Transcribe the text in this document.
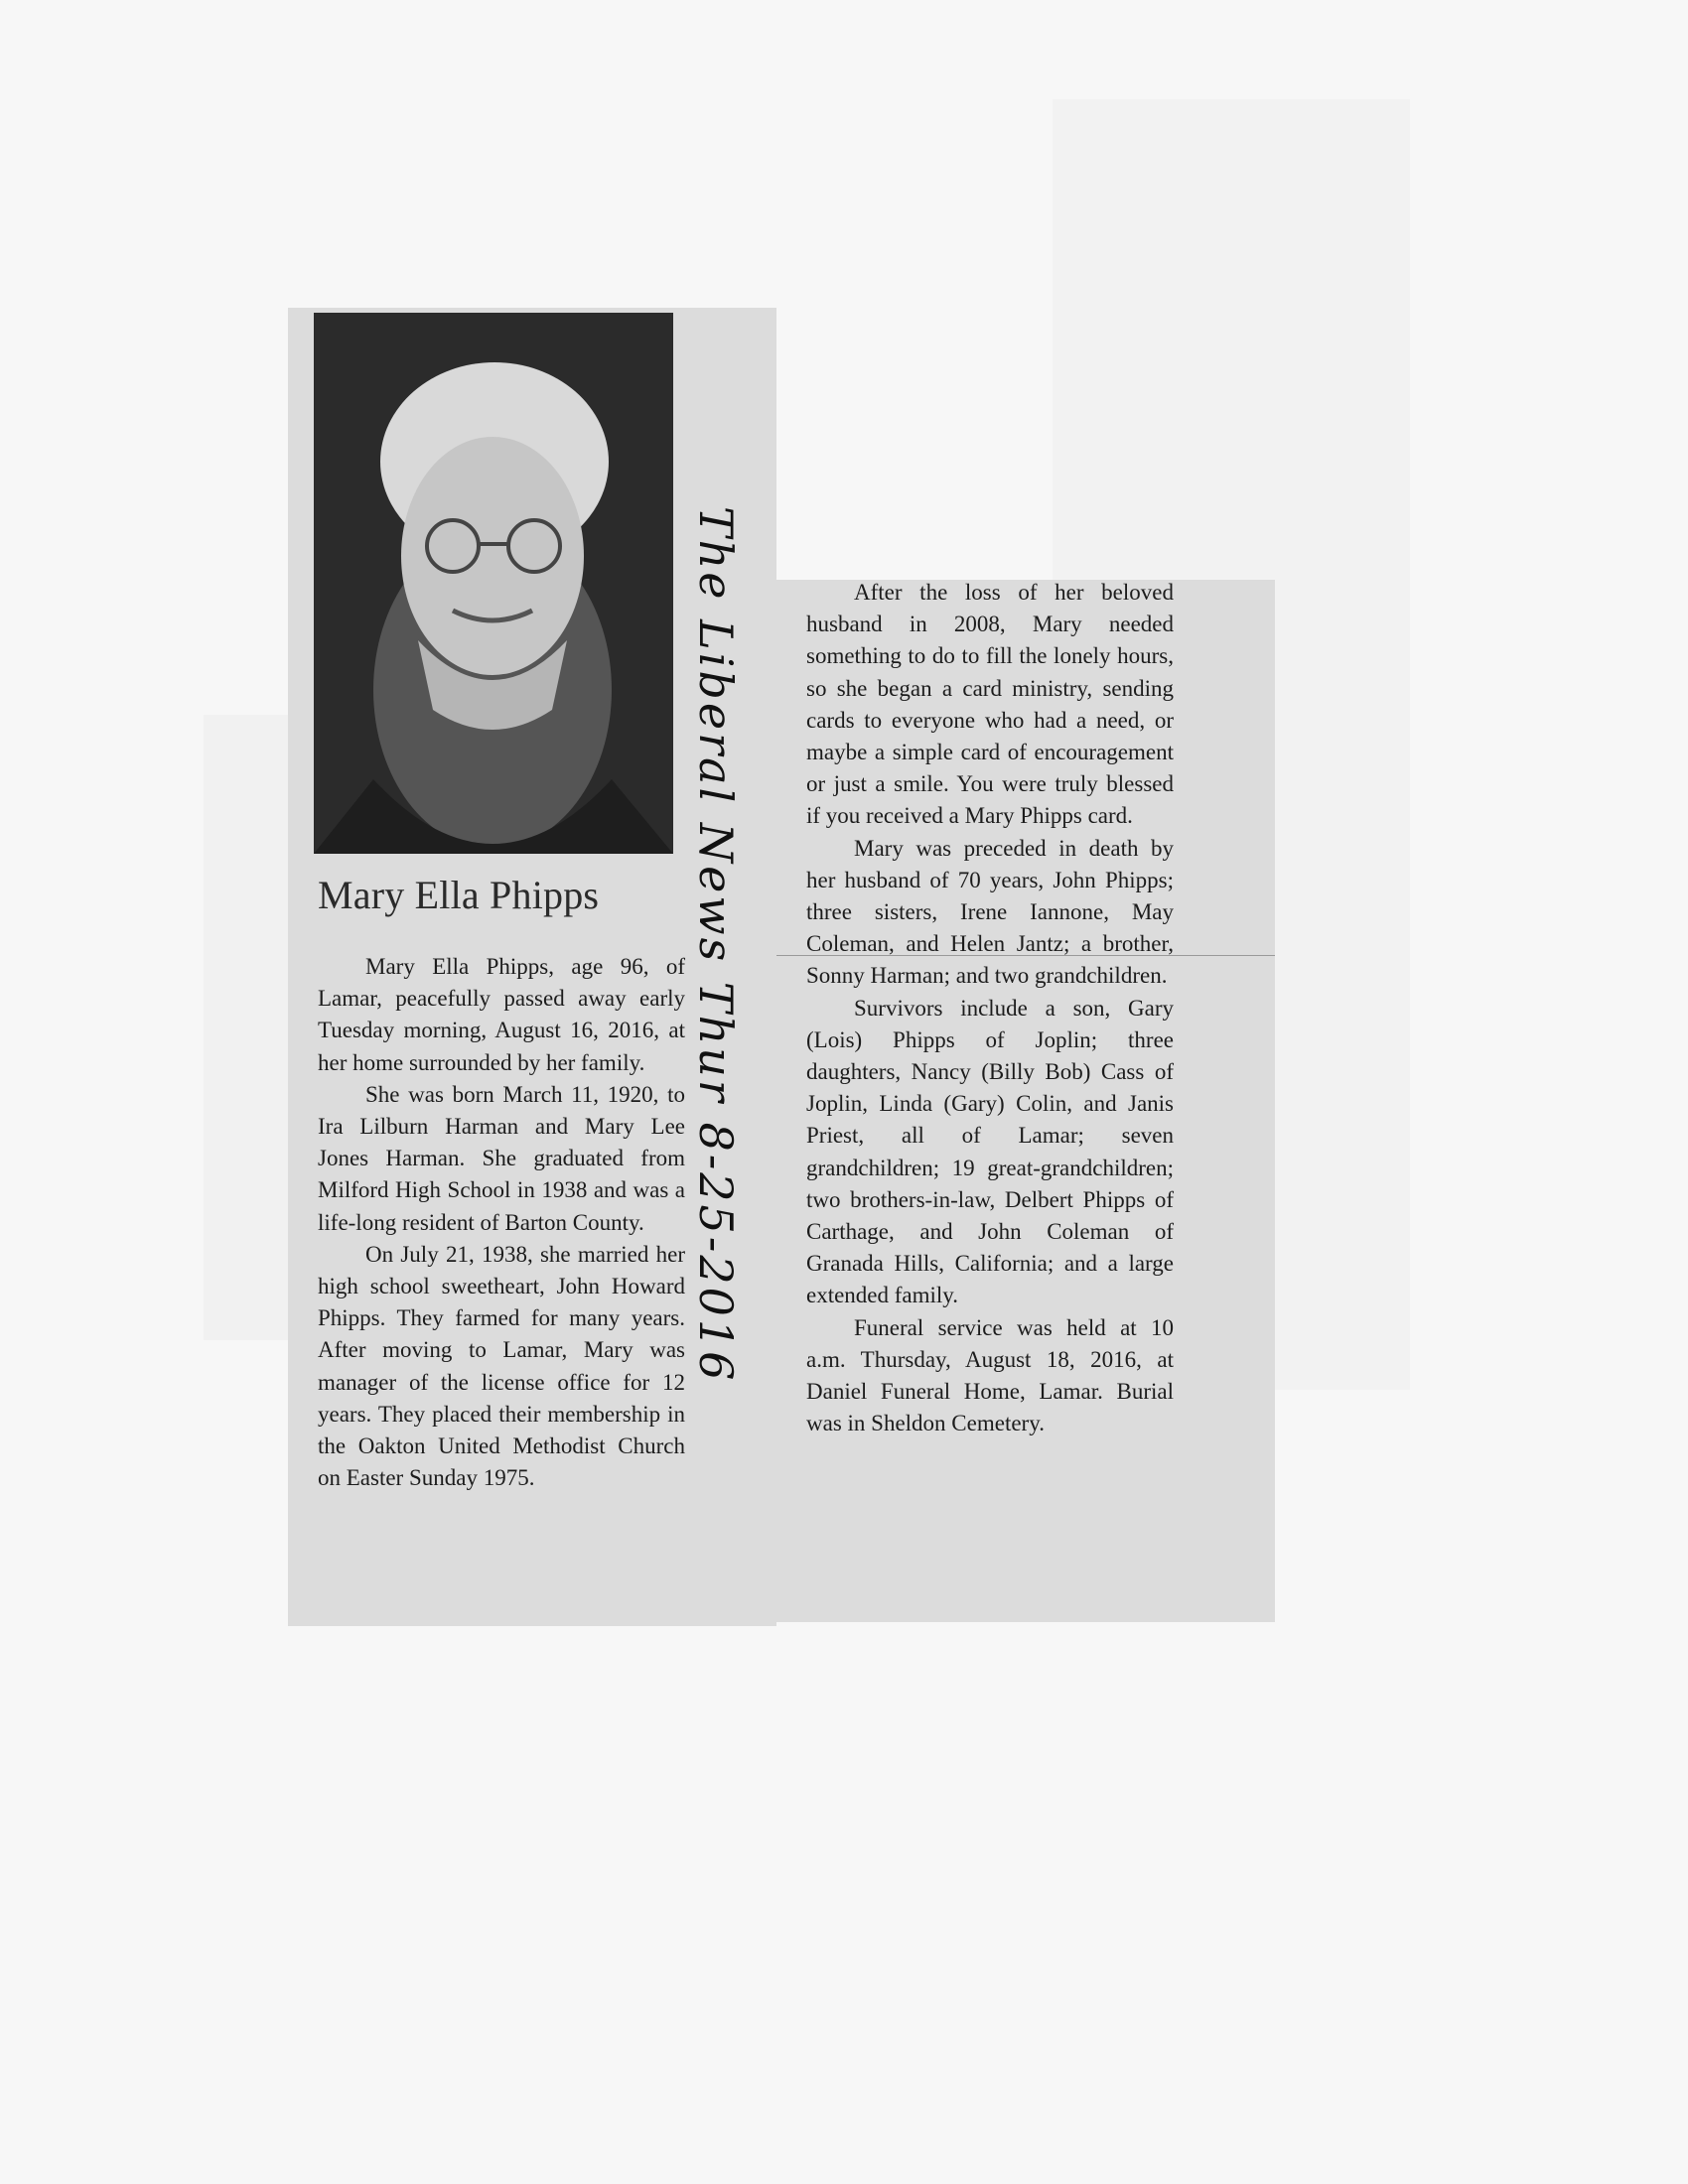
Mary Ella Phipps

Mary Ella Phipps, age 96, of Lamar, peacefully passed away early Tuesday morning, August 16, 2016, at her home surrounded by her family.

She was born March 11, 1920, to Ira Lilburn Harman and Mary Lee Jones Harman. She graduated from Milford High School in 1938 and was a life-long resident of Barton County.

On July 21, 1938, she married her high school sweetheart, John Howard Phipps. They farmed for many years. After moving to Lamar, Mary was manager of the license office for 12 years. They placed their membership in the Oakton United Methodist Church on Easter Sunday 1975.

After the loss of her beloved husband in 2008, Mary needed something to do to fill the lonely hours, so she began a card ministry, sending cards to everyone who had a need, or maybe a simple card of encouragement or just a smile. You were truly blessed if you received a Mary Phipps card.

Mary was preceded in death by her husband of 70 years, John Phipps; three sisters, Irene Iannone, May Coleman, and Helen Jantz; a brother, Sonny Harman; and two grandchildren.

Survivors include a son, Gary (Lois) Phipps of Joplin; three daughters, Nancy (Billy Bob) Cass of Joplin, Linda (Gary) Colin, and Janis Priest, all of Lamar; seven grandchildren; 19 great-grandchildren; two brothers-in-law, Delbert Phipps of Carthage, and John Coleman of Granada Hills, California; and a large extended family.

Funeral service was held at 10 a.m. Thursday, August 18, 2016, at Daniel Funeral Home, Lamar. Burial was in Sheldon Cemetery.

The Liberal News Thur 8-25-2016
